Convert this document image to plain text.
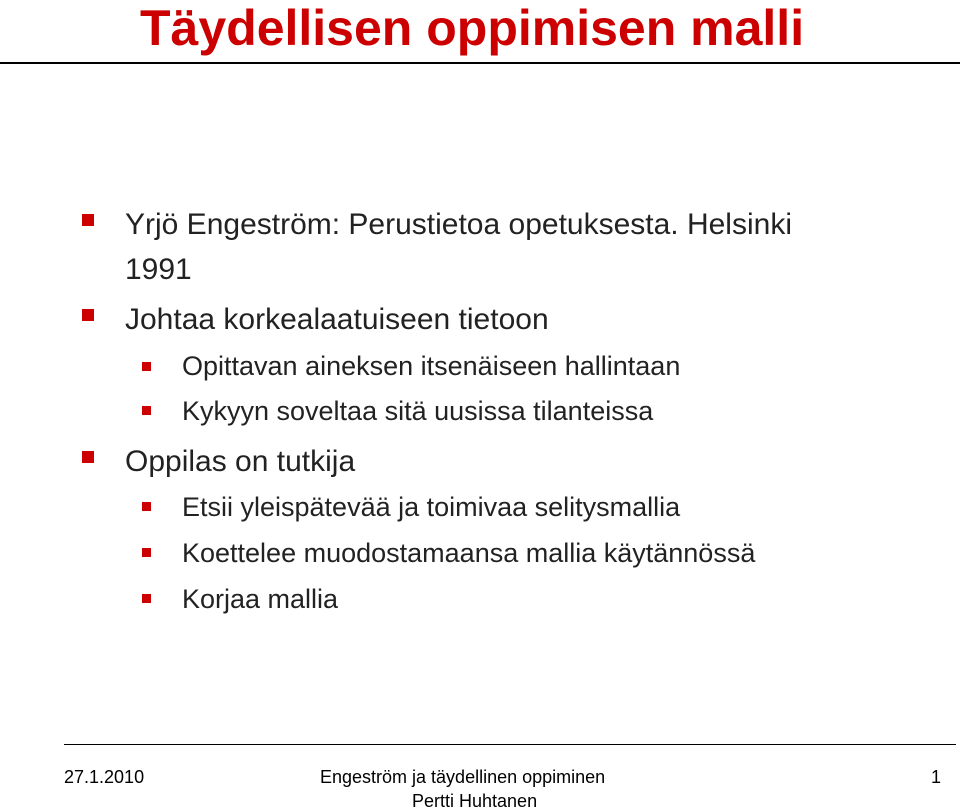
Täydellisen oppimisen malli
Yrjö Engeström: Perustietoa opetuksesta. Helsinki
1991
Johtaa korkealaatuiseen tietoon
Opittavan aineksen itsenäiseen hallintaan
Kykyyn soveltaa sitä uusissa tilanteissa
Oppilas on tutkija
Etsii yleispätevää ja toimivaa selitysmallia
Koettelee muodostamaansa mallia käytännössä
Korjaa mallia
27.1.2010	Engeström ja täydellinen oppiminen
Pertti Huhtanen
1
